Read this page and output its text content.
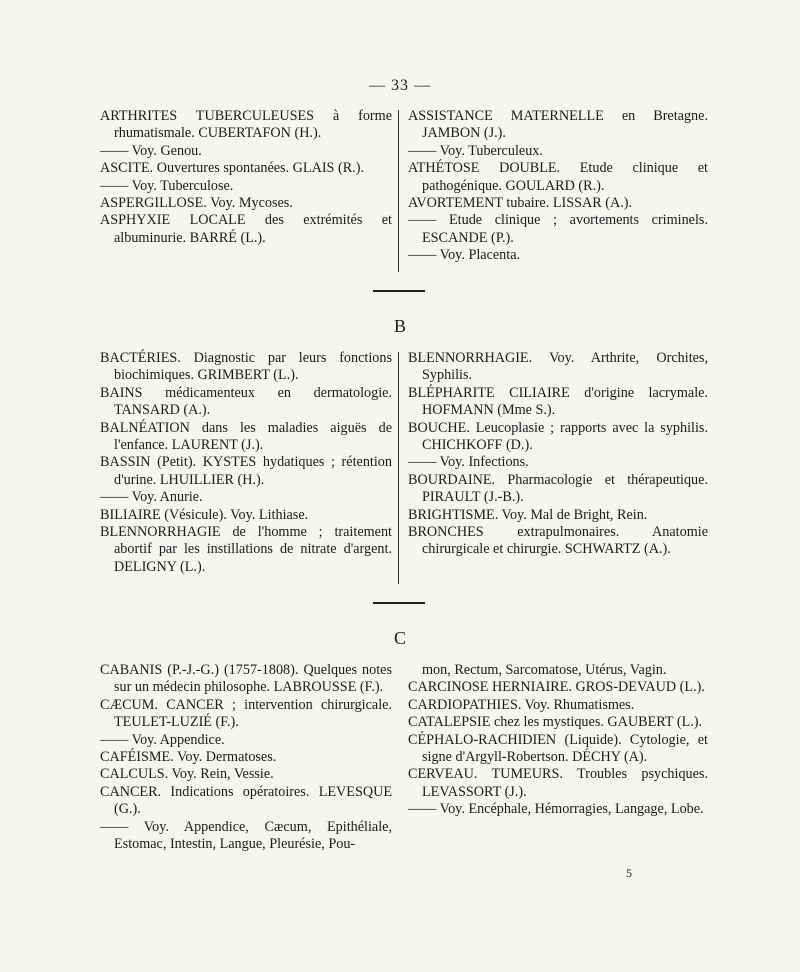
— 33 —

ARTHRITES TUBERCULEUSES à forme rhumatismale. CUBERTAFON (H.).

—— Voy. Genou.

ASCITE. Ouvertures spontanées. GLAIS (R.).

—— Voy. Tuberculose.

ASPERGILLOSE. Voy. Mycoses.

ASPHYXIE LOCALE des extrémités et albuminurie. BARRÉ (L.).

ASSISTANCE MATERNELLE en Bretagne. JAMBON (J.).

—— Voy. Tuberculeux.

ATHÉTOSE DOUBLE. Etude clinique et pathogénique. GOULARD (R.).

AVORTEMENT tubaire. LISSAR (A.).

—— Etude clinique ; avortements criminels. ESCANDE (P.).

—— Voy. Placenta.

B

BACTÉRIES. Diagnostic par leurs fonctions biochimiques. GRIMBERT (L.).

BAINS médicamenteux en dermatologie. TANSARD (A.).

BALNÉATION dans les maladies aiguës de l'enfance. LAURENT (J.).

BASSIN (Petit). KYSTES hydatiques ; rétention d'urine. LHUILLIER (H.).

—— Voy. Anurie.

BILIAIRE (Vésicule). Voy. Lithiase.

BLENNORRHAGIE de l'homme ; traitement abortif par les instillations de nitrate d'argent. DELIGNY (L.).

BLENNORRHAGIE. Voy. Arthrite, Orchites, Syphilis.

BLÉPHARITE CILIAIRE d'origine lacrymale. HOFMANN (Mme S.).

BOUCHE. Leucoplasie ; rapports avec la syphilis. CHICHKOFF (D.).

—— Voy. Infections.

BOURDAINE. Pharmacologie et thérapeutique. PIRAULT (J.-B.).

BRIGHTISME. Voy. Mal de Bright, Rein.

BRONCHES extrapulmonaires. Anatomie chirurgicale et chirurgie. SCHWARTZ (A.).

C

CABANIS (P.-J.-G.) (1757-1808). Quelques notes sur un médecin philosophe. LABROUSSE (F.).

CÆCUM. CANCER ; intervention chirurgicale. TEULET-LUZIÉ (F.).

—— Voy. Appendice.

CAFÉISME. Voy. Dermatoses.

CALCULS. Voy. Rein, Vessie.

CANCER. Indications opératoires. LEVESQUE (G.).

—— Voy. Appendice, Cæcum, Epithéliale, Estomac, Intestin, Langue, Pleurésie, Pou-

mon, Rectum, Sarcomatose, Utérus, Vagin.

CARCINOSE HERNIAIRE. GROS-DEVAUD (L.).

CARDIOPATHIES. Voy. Rhumatismes.

CATALEPSIE chez les mystiques. GAUBERT (L.).

CÉPHALO-RACHIDIEN (Liquide). Cytologie, et signe d'Argyll-Robertson. DÉCHY (A).

CERVEAU. TUMEURS. Troubles psychiques. LEVASSORT (J.).

—— Voy. Encéphale, Hémorragies, Langage, Lobe.

5
